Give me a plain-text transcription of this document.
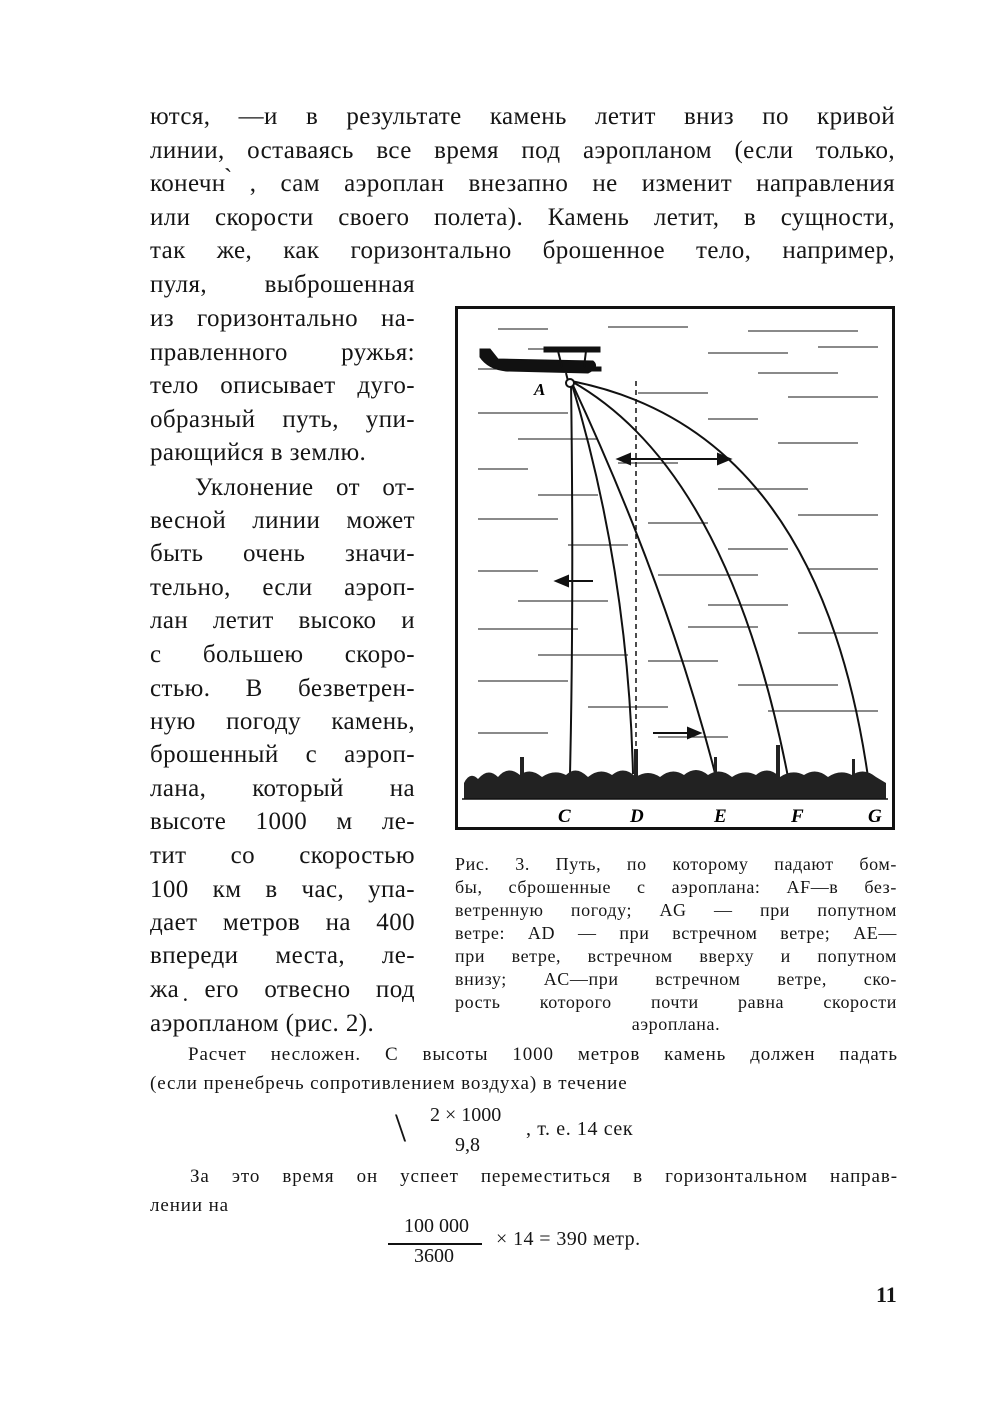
ются, —и в результате камень летит вниз по кривой
линии, оставаясь все время под аэропланом (если только,
конечн ̀, сам аэроплан внезапно не изменит направления
или скорости своего полета). Камень летит, в сущности,
так же, как горизонтально брошенное тело, например,
пуля, выброшенная
из горизонтально на-
правленного ружья:
тело описывает дуго-
образный путь, упи-
рающийся в землю.
Уклонение от от-
весной линии может
быть очень значи-
тельно, если аэроп-
лан летит высоко и
с большею скоро-
стью. В безветрен-
ную погоду камень,
брошенный с аэроп-
лана, который на
высоте 1000 м ле-
тит со скоростью
100 км в час, упа-
дает метров на 400
впереди места, ле-
жа ̣его отвесно под
аэропланом (рис. 2).
A
C	D	E	F	G
Рис. 3. Путь, по которому падают бом-
бы, сброшенные с аэроплана: AF—в без-
ветренную погоду; AG — при попутном
ветре: AD — при встречном ветре; AE—
при ветре, встречном вверху и попутном
внизу; AC—при встречном ветре, ско-
рость которого почти равна скорости
аэроплана.
Расчет несложен. С высоты 1000 метров камень должен падать
(если пренебречь сопротивлением воздуха) в течение
\ 2 × 1000
9,8
, т. е. 14 сек
За это время он успеет переместиться в горизонтальном направ-
лении на
100 000
3600
× 14 = 390 метр.
11
